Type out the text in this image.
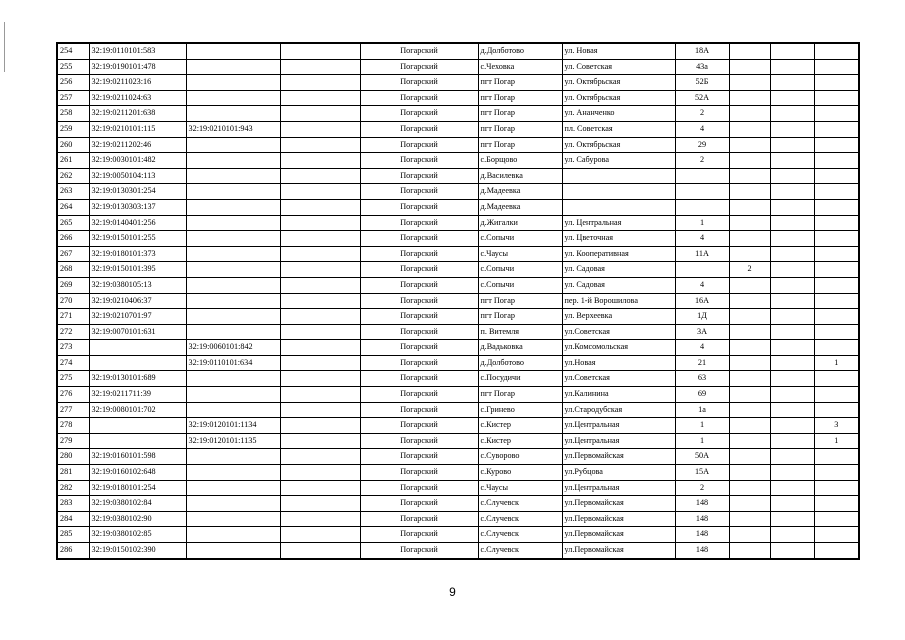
254	32:19:0110101:583			Погарский	д.Долботово	ул. Новая	18А			
255	32:19:0190101:478			Погарский	с.Чеховка	ул. Советская	43а			
256	32:19:0211023:16			Погарский	пгт Погар	ул. Октябрьская	52Б			
257	32:19:0211024:63			Погарский	пгт Погар	ул. Октябрьская	52А			
258	32:19:0211201:638			Погарский	пгт Погар	ул. Ананченко	2			
259	32:19:0210101:115	32:19:0210101:943		Погарский	пгт Погар	пл. Советская	4			
260	32:19:0211202:46			Погарский	пгт Погар	ул. Октябрьская	29			
261	32:19:0030101:482			Погарский	с.Борщово	ул. Сабурова	2			
262	32:19:0050104:113			Погарский	д.Василевка					
263	32:19:0130301:254			Погарский	д.Мадеевка					
264	32:19:0130303:137			Погарский	д.Мадеевка					
265	32:19:0140401:256			Погарский	д.Жигалки	ул. Центральная	1			
266	32:19:0150101:255			Погарский	с.Сопычи	ул. Цветочная	4			
267	32:19:0180101:373			Погарский	с.Чаусы	ул. Кооперативная	11А			
268	32:19:0150101:395			Погарский	с.Сопычи	ул. Садовая		2		
269	32:19:0380105:13			Погарский	с.Сопычи	ул. Садовая	4			
270	32:19:0210406:37			Погарский	пгт Погар	пер. 1-й Ворошилова	16А			
271	32:19:0210701:97			Погарский	пгт Погар	ул. Верхеевка	1Д			
272	32:19:0070101:631			Погарский	п. Витемля	ул.Советская	3А			
273		32:19:0060101:842		Погарский	д.Вадьковка	ул.Комсомольская	4			
274		32:19:0110101:634		Погарский	д.Долботово	ул.Новая	21			1
275	32:19:0130101:689			Погарский	с.Посудичи	ул.Советская	63			
276	32:19:0211711:39			Погарский	пгт Погар	ул.Калинина	69			
277	32:19:0080101:702			Погарский	с.Гринево	ул.Стародубская	1а			
278		32:19:0120101:1134		Погарский	с.Кистер	ул.Центральная	1			3
279		32:19:0120101:1135		Погарский	с.Кистер	ул.Центральная	1			1
280	32:19:0160101:598			Погарский	с.Суворово	ул.Первомайская	50А			
281	32:19:0160102:648			Погарский	с.Курово	ул.Рубцова	15А			
282	32:19:0180101:254			Погарский	с.Чаусы	ул.Центральная	2			
283	32:19:0380102:84			Погарский	с.Случевск	ул.Первомайская	148			
284	32:19:0380102:90			Погарский	с.Случевск	ул.Первомайская	148			
285	32:19:0380102:85			Погарский	с.Случевск	ул.Первомайская	148			
286	32:19:0150102:390			Погарский	с.Случевск	ул.Первомайская	148			
9
